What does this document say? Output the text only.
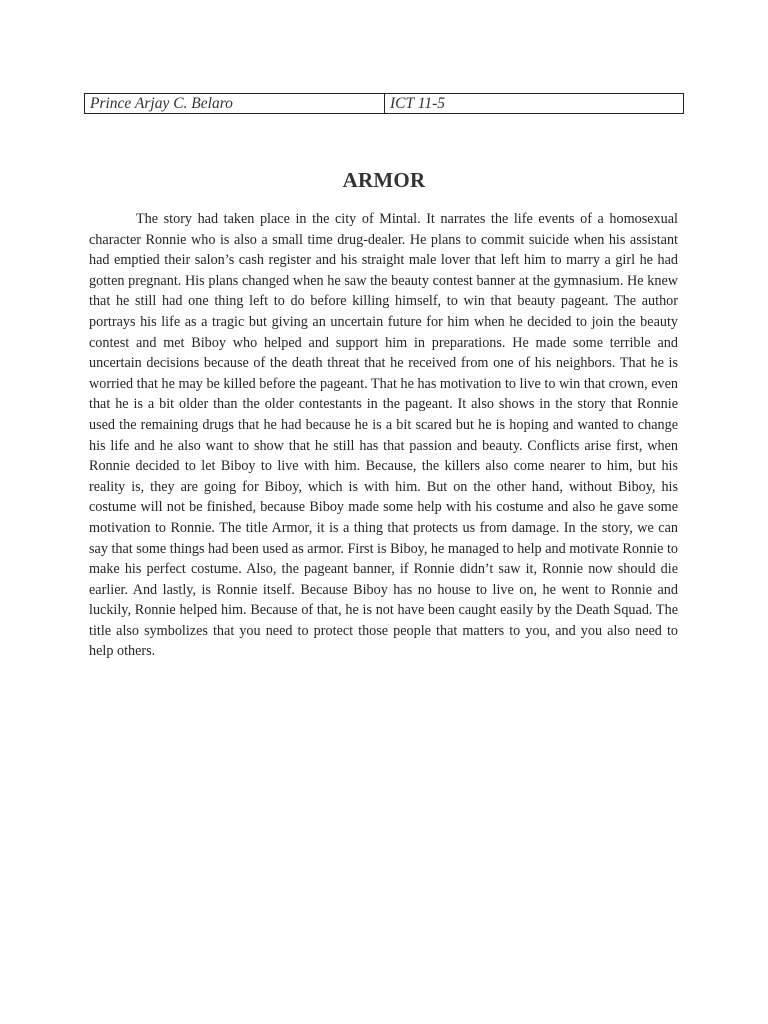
Prince Arjay C. Belaro	ICT 11-5
ARMOR

The story had taken place in the city of Mintal. It narrates the life events of a homosexual character Ronnie who is also a small time drug-dealer. He plans to commit suicide when his assistant had emptied their salon’s cash register and his straight male lover that left him to marry a girl he had gotten pregnant. His plans changed when he saw the beauty contest banner at the gymnasium. He knew that he still had one thing left to do before killing himself, to win that beauty pageant. The author portrays his life as a tragic but giving an uncertain future for him when he decided to join the beauty contest and met Biboy who helped and support him in preparations. He made some terrible and uncertain decisions because of the death threat that he received from one of his neighbors. That he is worried that he may be killed before the pageant. That he has motivation to live to win that crown, even that he is a bit older than the older contestants in the pageant. It also shows in the story that Ronnie used the remaining drugs that he had because he is a bit scared but he is hoping and wanted to change his life and he also want to show that he still has that passion and beauty. Conflicts arise first, when Ronnie decided to let Biboy to live with him. Because, the killers also come nearer to him, but his reality is, they are going for Biboy, which is with him. But on the other hand, without Biboy, his costume will not be finished, because Biboy made some help with his costume and also he gave some motivation to Ronnie. The title Armor, it is a thing that protects us from damage. In the story, we can say that some things had been used as armor. First is Biboy, he managed to help and motivate Ronnie to make his perfect costume. Also, the pageant banner, if Ronnie didn’t saw it, Ronnie now should die earlier. And lastly, is Ronnie itself. Because Biboy has no house to live on, he went to Ronnie and luckily, Ronnie helped him. Because of that, he is not have been caught easily by the Death Squad. The title also symbolizes that you need to protect those people that matters to you, and you also need to help others.
